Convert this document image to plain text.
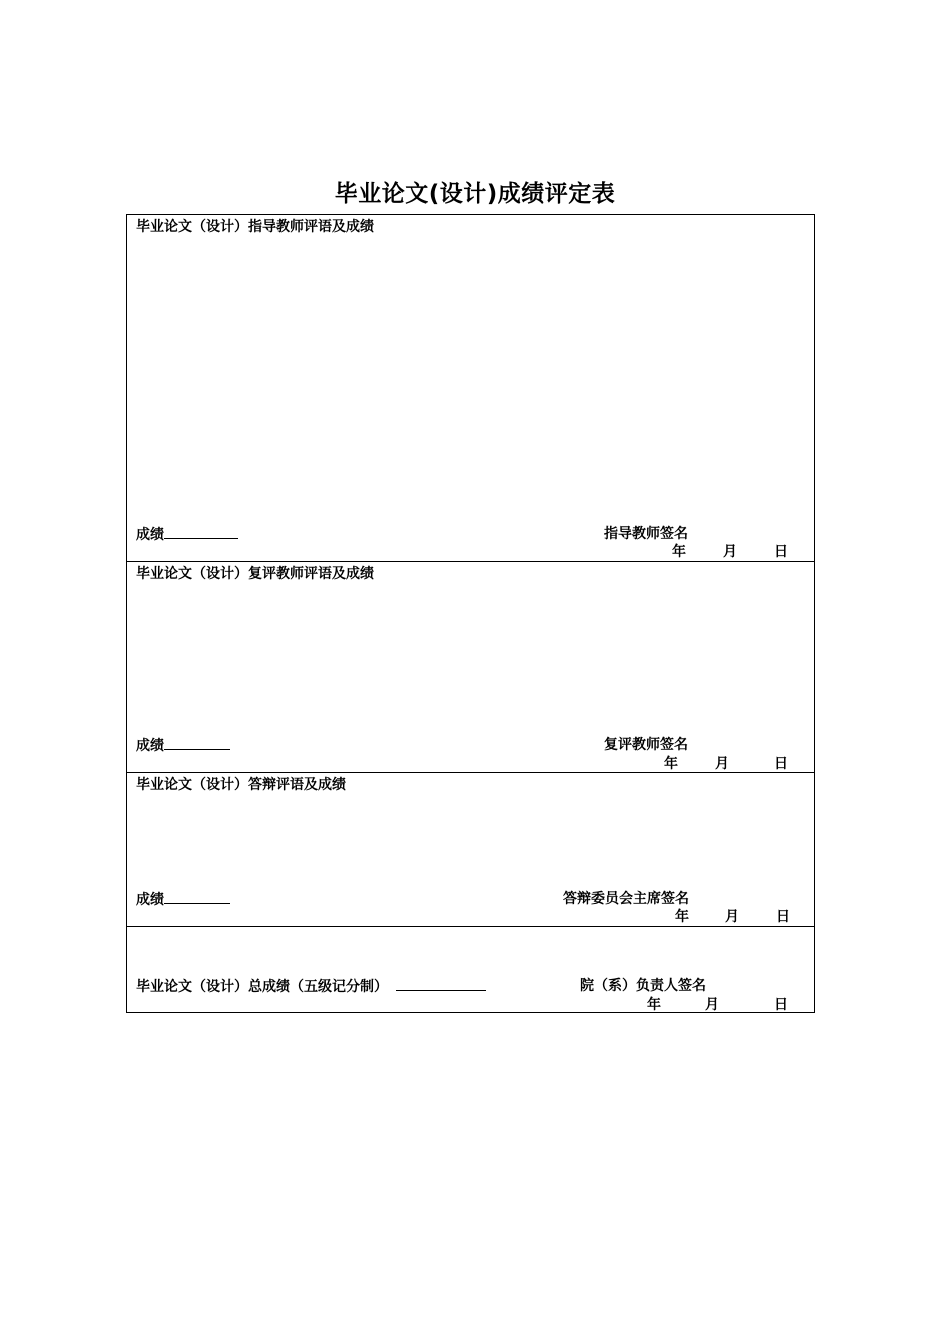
毕业论文(设计)成绩评定表
毕业论文（设计）指导教师评语及成绩
成绩	指导教师签名
年	月	日
毕业论文（设计）复评教师评语及成绩
成绩	复评教师签名
年	月	日
毕业论文（设计）答辩评语及成绩
成绩	答辩委员会主席签名
年	月	日
毕业论文（设计）总成绩（五级记分制）	院（系）负责人签名
年	月	日
